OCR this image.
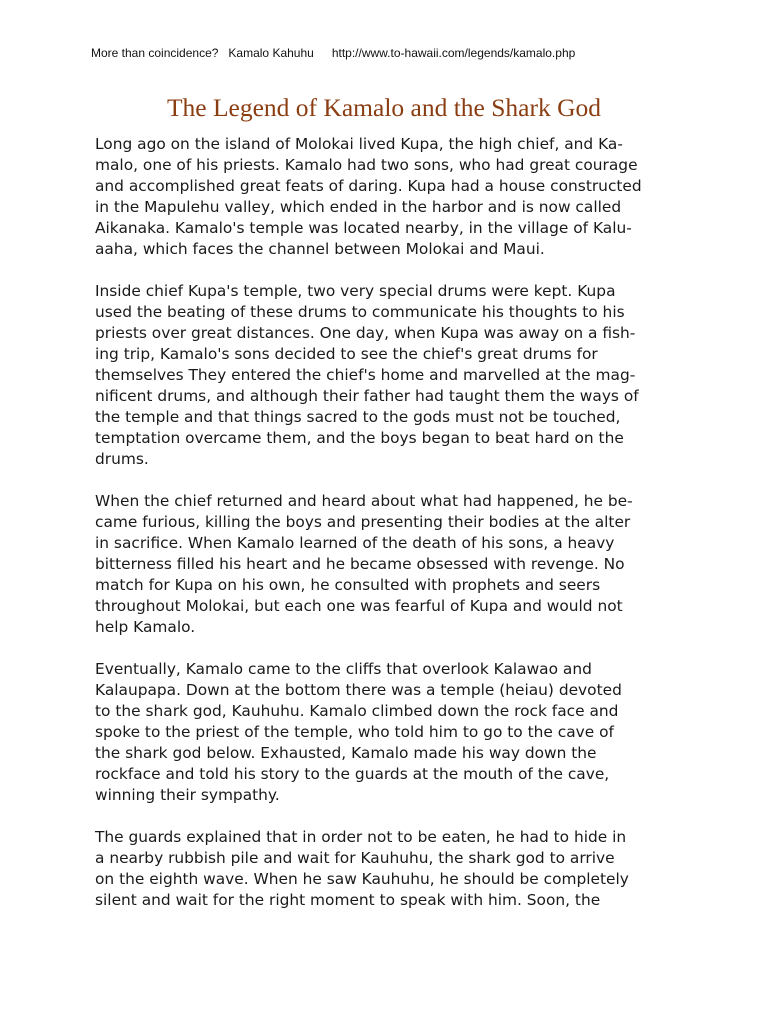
More than coincidence? Kamalo Kahuhu http://www.to-hawaii.com/legends/kamalo.php
The Legend of Kamalo and the Shark God

Long ago on the island of Molokai lived Kupa, the high chief, and Ka-
malo, one of his priests. Kamalo had two sons, who had great courage
and accomplished great feats of daring. Kupa had a house constructed
in the Mapulehu valley, which ended in the harbor and is now called
Aikanaka. Kamalo's temple was located nearby, in the village of Kalu-
aaha, which faces the channel between Molokai and Maui.

Inside chief Kupa's temple, two very special drums were kept. Kupa
used the beating of these drums to communicate his thoughts to his
priests over great distances. One day, when Kupa was away on a fish-
ing trip, Kamalo's sons decided to see the chief's great drums for
themselves They entered the chief's home and marvelled at the mag-
nificent drums, and although their father had taught them the ways of
the temple and that things sacred to the gods must not be touched,
temptation overcame them, and the boys began to beat hard on the
drums.

When the chief returned and heard about what had happened, he be-
came furious, killing the boys and presenting their bodies at the alter
in sacrifice. When Kamalo learned of the death of his sons, a heavy
bitterness filled his heart and he became obsessed with revenge. No
match for Kupa on his own, he consulted with prophets and seers
throughout Molokai, but each one was fearful of Kupa and would not
help Kamalo.

Eventually, Kamalo came to the cliffs that overlook Kalawao and
Kalaupapa. Down at the bottom there was a temple (heiau) devoted
to the shark god, Kauhuhu. Kamalo climbed down the rock face and
spoke to the priest of the temple, who told him to go to the cave of
the shark god below. Exhausted, Kamalo made his way down the
rockface and told his story to the guards at the mouth of the cave,
winning their sympathy.

The guards explained that in order not to be eaten, he had to hide in
a nearby rubbish pile and wait for Kauhuhu, the shark god to arrive
on the eighth wave. When he saw Kauhuhu, he should be completely
silent and wait for the right moment to speak with him. Soon, the
